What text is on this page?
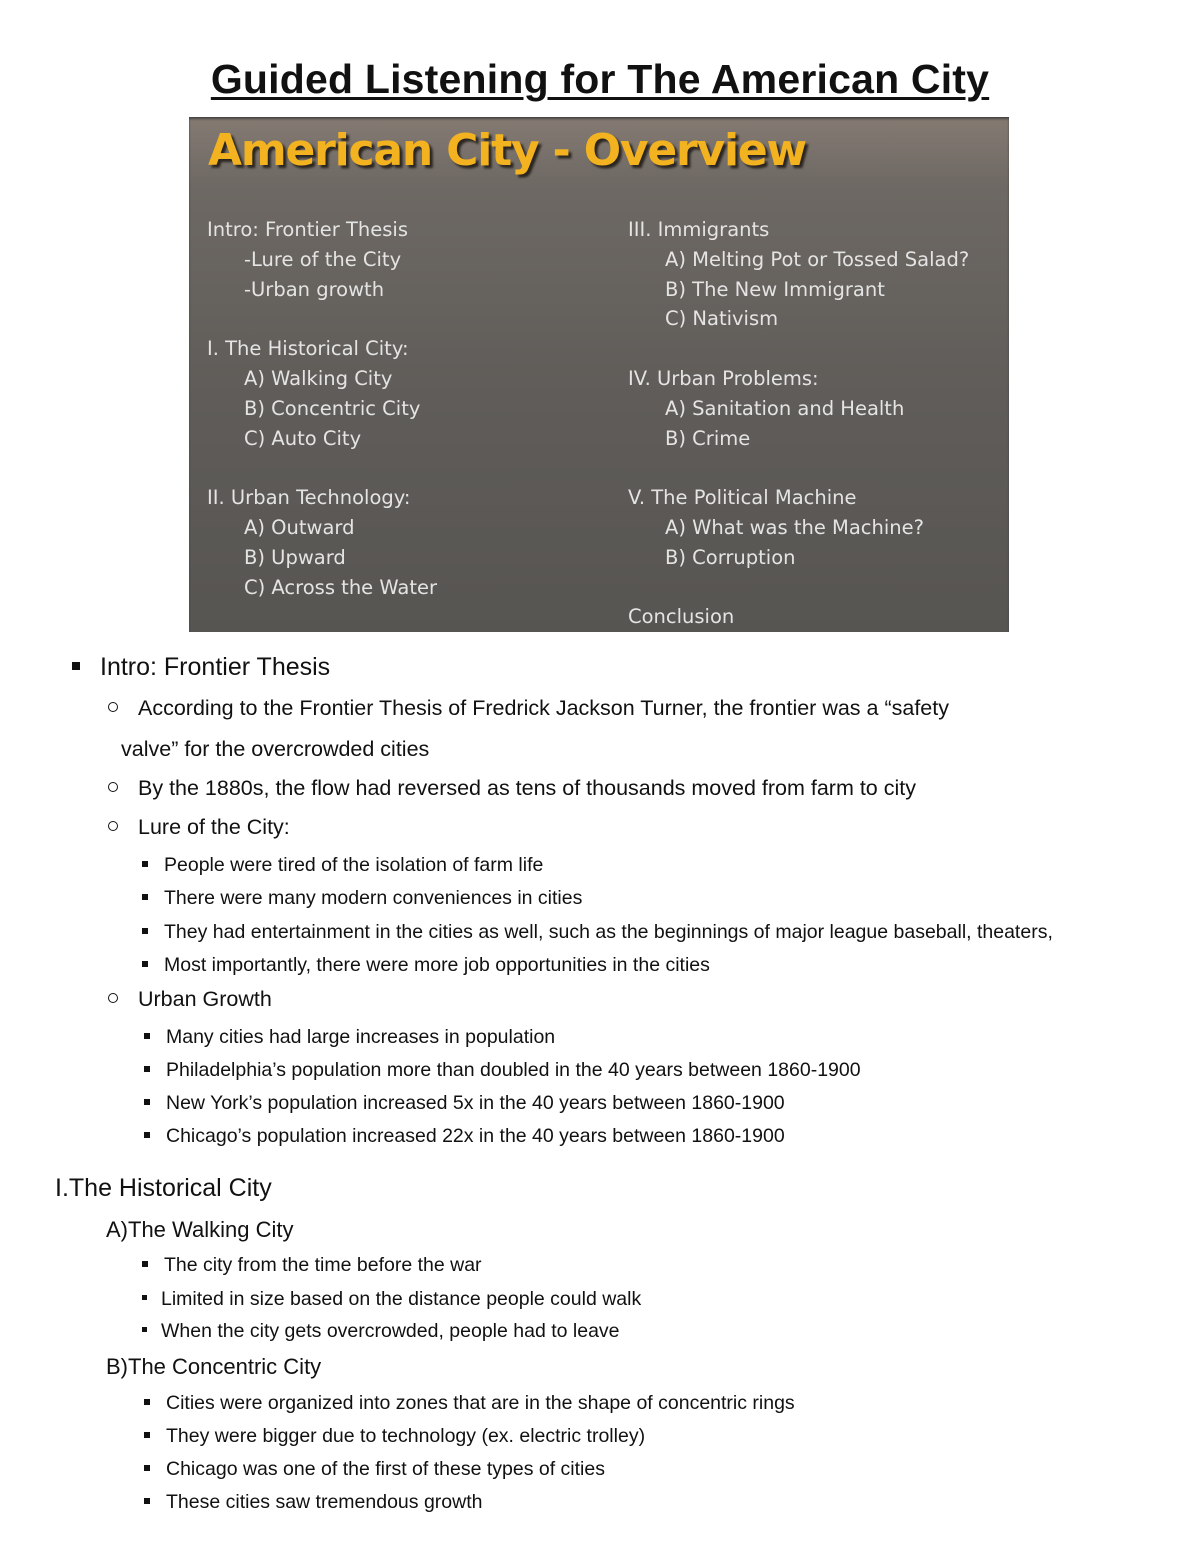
Guided Listening for The American City
American City - Overview
Intro: Frontier Thesis
-Lure of the City
-Urban growth
I. The Historical City:
A) Walking City
B) Concentric City
C) Auto City
II. Urban Technology:
A) Outward
B) Upward
C) Across the Water
III. Immigrants
A) Melting Pot or Tossed Salad?
B) The New Immigrant
C) Nativism
IV. Urban Problems:
A) Sanitation and Health
B) Crime
V. The Political Machine
A) What was the Machine?
B) Corruption
Conclusion
Intro: Frontier Thesis
According to the Frontier Thesis of Fredrick Jackson Turner, the frontier was a “safety
valve” for the overcrowded cities
By the 1880s, the flow had reversed as tens of thousands moved from farm to city
Lure of the City:
People were tired of the isolation of farm life
There were many modern conveniences in cities
They had entertainment in the cities as well, such as the beginnings of major league baseball, theaters,
Most importantly, there were more job opportunities in the cities
Urban Growth
Many cities had large increases in population
Philadelphia’s population more than doubled in the 40 years between 1860-1900
New York’s population increased 5x in the 40 years between 1860-1900
Chicago’s population increased 22x in the 40 years between 1860-1900
I.The Historical City
A)The Walking City
The city from the time before the war
Limited in size based on the distance people could walk
When the city gets overcrowded, people had to leave
B)The Concentric City
Cities were organized into zones that are in the shape of concentric rings
They were bigger due to technology (ex. electric trolley)
Chicago was one of the first of these types of cities
These cities saw tremendous growth
